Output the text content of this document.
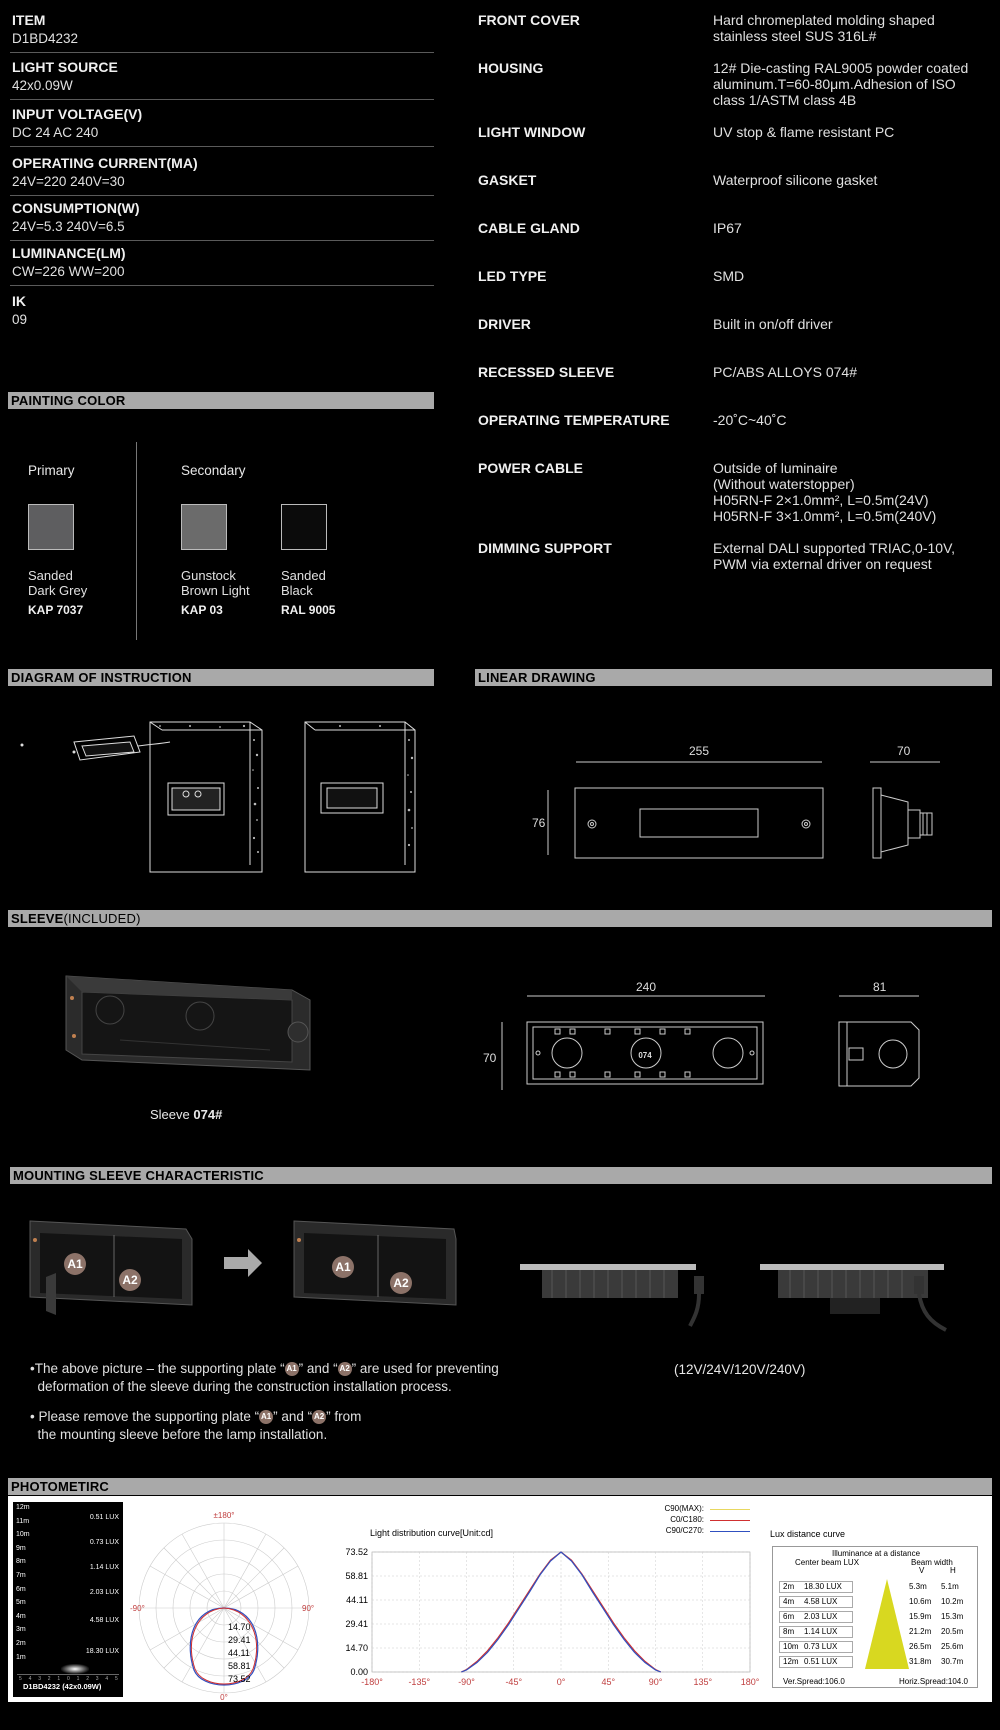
ITEM
D1BD4232
LIGHT SOURCE
42x0.09W
INPUT VOLTAGE(V)
DC 24 AC 240
OPERATING CURRENT(MA)
24V=220 240V=30
CONSUMPTION(W)
24V=5.3 240V=6.5
LUMINANCE(LM)
CW=226 WW=200
IK
09
FRONT COVER	Hard chromeplated molding shaped
stainless steel SUS 316L#
HOUSING	12# Die-casting RAL9005 powder coated
aluminum.T=60-80μm.Adhesion of ISO
class 1/ASTM class 4B
LIGHT WINDOW	UV stop & flame resistant PC
GASKET	Waterproof silicone gasket
CABLE GLAND	IP67
LED TYPE	SMD
DRIVER	Built in on/off driver
RECESSED SLEEVE	PC/ABS ALLOYS 074#
OPERATING TEMPERATURE	-20˚C~40˚C
POWER CABLE	Outside of luminaire
(Without waterstopper)
H05RN-F 2×1.0mm², L=0.5m(24V)
H05RN-F 3×1.0mm², L=0.5m(240V)
DIMMING SUPPORT	External DALI supported TRIAC,0-10V,
PWM via external driver on request
PAINTING COLOR
Primary	Secondary
Sanded
Dark Grey
KAP 7037
Gunstock
Brown Light
KAP 03
Sanded
Black
RAL 9005
DIAGRAM OF INSTRUCTION	LINEAR DRAWING
255	70
76
SLEEVE(INCLUDED)
Sleeve 074#
240	81
70	074
MOUNTING SLEEVE CHARACTERISTIC
A1
A2
A1
A2
(12V/24V/120V/240V)
•The above picture – the supporting plate “ A1 ” and “ A2 ” are used for preventing
deformation of the sleeve during the construction installation process.
• Please remove the supporting plate “ A1 ” and “ A2 ” from
the mounting sleeve before the lamp installation.
PHOTOMETIRC
12m
11m
10m
9m
8m
7m
6m
5m
4m
3m
2m
1m
0.51 LUX
0.73 LUX
1.14 LUX
2.03 LUX
4.58 LUX
18.30 LUX
5 4 3 2 1 0 1 2 3 4 5
D1BD4232 (42x0.09W)
±180°
-90°	90°
0°
14.70
29.41
44.11
58.81
73.52
Light distribution curve[Unit:cd]
C90(MAX):
C0/C180:
C90/C270:
0.00
14.70
29.41
44.11
58.81
73.52
-180°	-135°	-90°	-45°	0°	45°	90°	135°	180°
Lux distance curve
Illuminance at a distance
Center beam LUX	Beam width
V	H
2m 18.30 LUX	5.3m 5.1m
4m 4.58 LUX	10.6m 10.2m
6m 2.03 LUX	15.9m 15.3m
8m 1.14 LUX	21.2m 20.5m
10m 0.73 LUX	26.5m 25.6m
12m 0.51 LUX	31.8m 30.7m
Ver.Spread:106.0	Horiz.Spread:104.0
